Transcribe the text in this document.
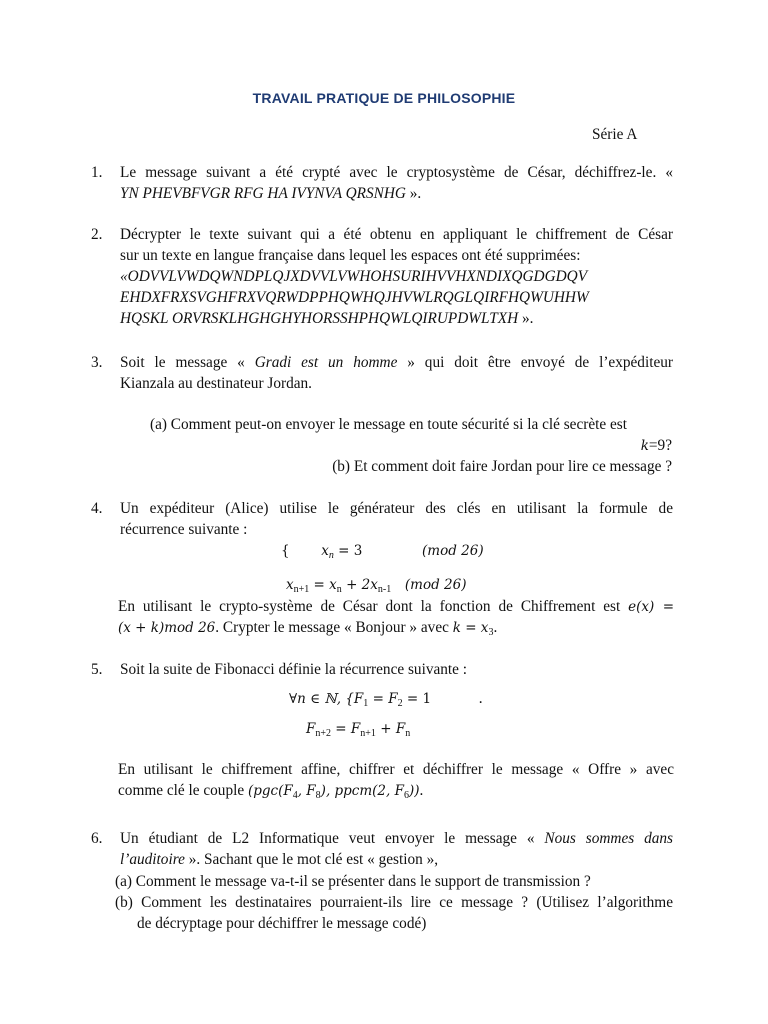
TRAVAIL PRATIQUE DE PHILOSOPHIE
Série A
1. Le message suivant a été crypté avec le cryptosystème de César, déchiffrez-le. «
YN PHEVBFVGR RFG HA IVYNVA QRSNHG ».
2. Décrypter le texte suivant qui a été obtenu en appliquant le chiffrement de César
sur un texte en langue française dans lequel les espaces ont été supprimées:
«ODVVLVWDQWNDPLQJXDVVLVWHOHSURIHVVHXNDIXQGDGDQV
EHDXFRXSVGHFRXVQRWDPPHQWHQJHVWLRQGLQIRFHQWUHHW
HQSKL ORVRSKLHGHGHYHORSSHPHQWLQIRUPDWLTXH ».
3. Soit le message « Gradi est un homme » qui doit être envoyé de l’expéditeur
Kianzala au destinateur Jordan.
(a) Comment peut-on envoyer le message en toute sécurité si la clé secrète est
k=9?
(b) Et comment doit faire Jordan pour lire ce message ?
4. Un expéditeur (Alice) utilise le générateur des clés en utilisant la formule de
récurrence suivante :
{ $x_n = 3$	(mod 26)
$x_{n+1} = x_n + 2x_{n-1}$ (mod 26)
En utilisant le crypto-système de César dont la fonction de Chiffrement est e(x) =
(x + k)mod 26. Crypter le message « Bonjour » avec $k = x_3$.
5. Soit la suite de Fibonacci définie la récurrence suivante :
∀n ∈ ℕ, {$F_1 = F_2 = 1$	.
$F_{n+2} = F_{n+1} + F_n$
En utilisant le chiffrement affine, chiffrer et déchiffrer le message « Offre » avec
comme clé le couple ($pgc(F_4$, $F_8$), ppcm(2, $F_6$)).
6. Un étudiant de L2 Informatique veut envoyer le message « Nous sommes dans
l’auditoire ». Sachant que le mot clé est « gestion »,
(a) Comment le message va-t-il se présenter dans le support de transmission ?
(b) Comment les destinataires pourraient-ils lire ce message ? (Utilisez l’algorithme
de décryptage pour déchiffrer le message codé)
